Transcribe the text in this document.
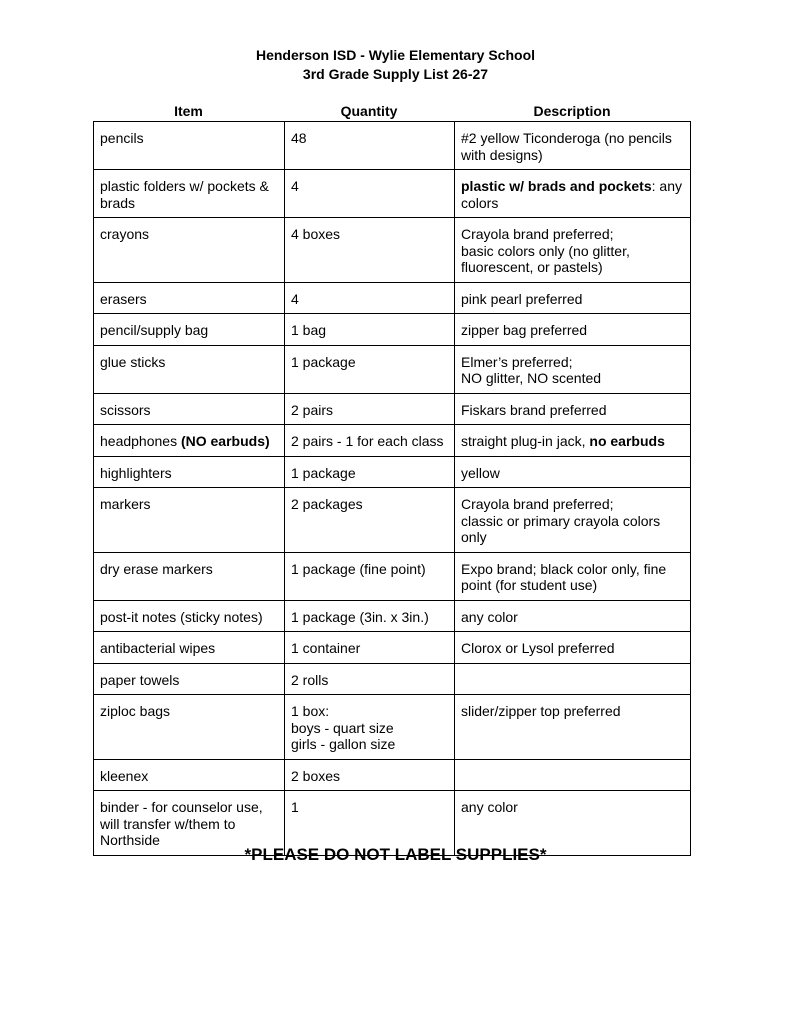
Henderson ISD - Wylie Elementary School
3rd Grade Supply List 26-27
Item	Quantity	Description
pencils	48	#2 yellow Ticonderoga (no pencils with designs)
plastic folders w/ pockets & brads	4	plastic w/ brads and pockets: any colors
crayons	4 boxes	Crayola brand preferred;
basic colors only (no glitter, fluorescent, or pastels)
erasers	4	pink pearl preferred
pencil/supply bag	1 bag	zipper bag preferred
glue sticks	1 package	Elmer’s preferred;
NO glitter, NO scented
scissors	2 pairs	Fiskars brand preferred
headphones (NO earbuds)	2 pairs - 1 for each class	straight plug-in jack, no earbuds
highlighters	1 package	yellow
markers	2 packages	Crayola brand preferred;
classic or primary crayola colors only
dry erase markers	1 package (fine point)	Expo brand; black color only, fine point (for student use)
post-it notes (sticky notes)	1 package (3in. x 3in.)	any color
antibacterial wipes	1 container	Clorox or Lysol preferred
paper towels	2 rolls	
ziploc bags	1 box:
boys - quart size
girls - gallon size	slider/zipper top preferred
kleenex	2 boxes	
binder - for counselor use, will transfer w/them to Northside	1	any color
*PLEASE DO NOT LABEL SUPPLIES*
